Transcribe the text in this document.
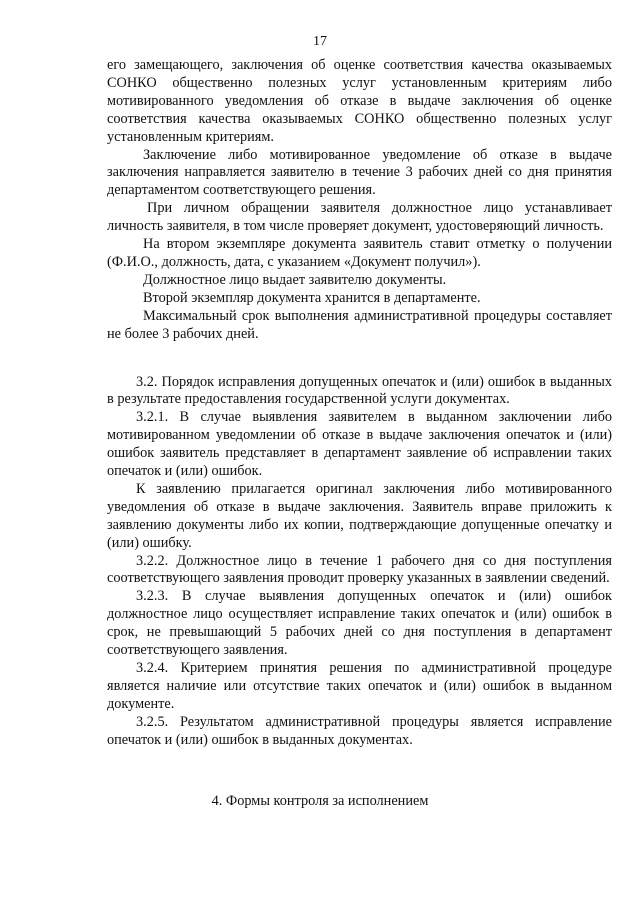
17

его замещающего, заключения об оценке соответствия качества оказываемых СОНКО общественно полезных услуг установленным критериям либо мотивированного уведомления об отказе в выдаче заключения об оценке соответствия качества оказываемых СОНКО общественно полезных услуг установленным критериям.

Заключение либо мотивированное уведомление об отказе в выдаче заключения направляется заявителю в течение 3 рабочих дней со дня принятия департаментом соответствующего решения.

При личном обращении заявителя должностное лицо устанавливает личность заявителя, в том числе проверяет документ, удостоверяющий личность.

На втором экземпляре документа заявитель ставит отметку о получении (Ф.И.О., должность, дата, с указанием «Документ получил»).

Должностное лицо выдает заявителю документы.

Второй экземпляр документа хранится в департаменте.

Максимальный срок выполнения административной процедуры составляет не более 3 рабочих дней.

3.2. Порядок исправления допущенных опечаток и (или) ошибок в выданных в результате предоставления государственной услуги документах.

3.2.1. В случае выявления заявителем в выданном заключении либо мотивированном уведомлении об отказе в выдаче заключения опечаток и (или) ошибок заявитель представляет в департамент заявление об исправлении таких опечаток и (или) ошибок.

К заявлению прилагается оригинал заключения либо мотивированного уведомления об отказе в выдаче заключения. Заявитель вправе приложить к заявлению документы либо их копии, подтверждающие допущенные опечатку и (или) ошибку.

3.2.2. Должностное лицо в течение 1 рабочего дня со дня поступления соответствующего заявления проводит проверку указанных в заявлении сведений.

3.2.3. В случае выявления допущенных опечаток и (или) ошибок должностное лицо осуществляет исправление таких опечаток и (или) ошибок в срок, не превышающий 5 рабочих дней со дня поступления в департамент соответствующего заявления.

3.2.4. Критерием принятия решения по административной процедуре является наличие или отсутствие таких опечаток и (или) ошибок в выданном документе.

3.2.5. Результатом административной процедуры является исправление опечаток и (или) ошибок в выданных документах.

4. Формы контроля за исполнением
